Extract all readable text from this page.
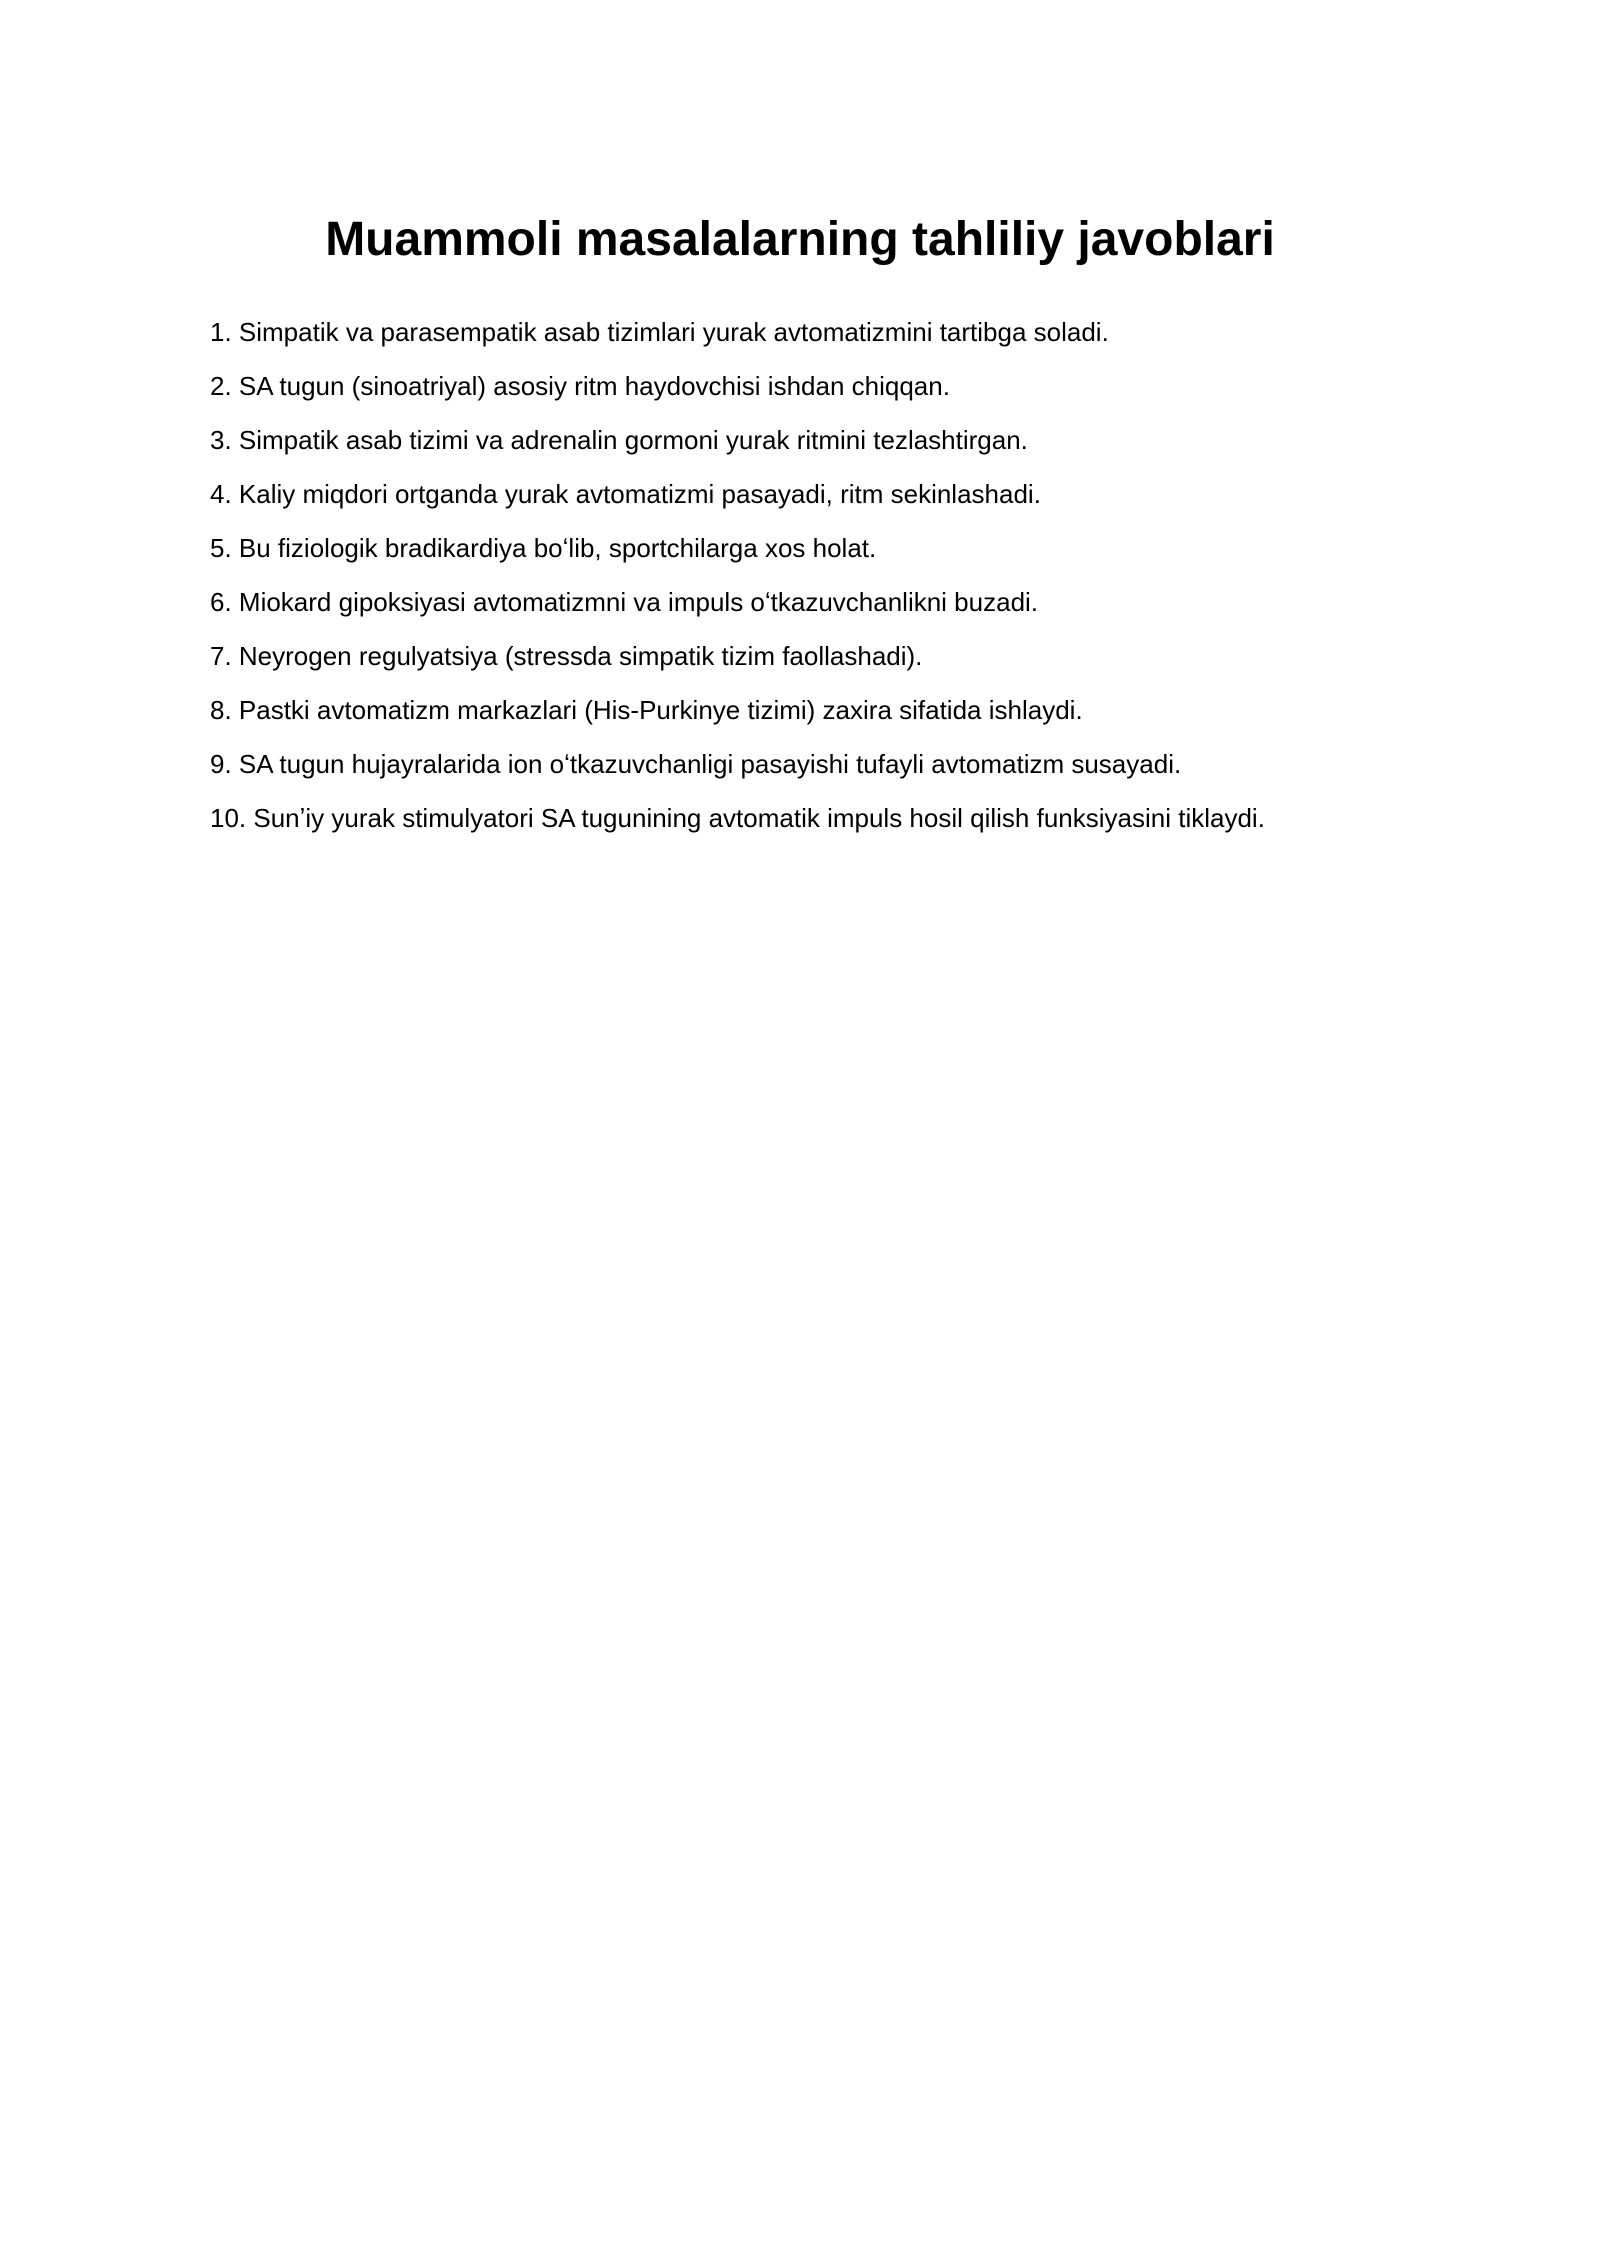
Muammoli masalalarning tahliliy javoblari
1. Simpatik va parasempatik asab tizimlari yurak avtomatizmini tartibga soladi.
2. SA tugun (sinoatriyal) asosiy ritm haydovchisi ishdan chiqqan.
3. Simpatik asab tizimi va adrenalin gormoni yurak ritmini tezlashtirgan.
4. Kaliy miqdori ortganda yurak avtomatizmi pasayadi, ritm sekinlashadi.
5. Bu fiziologik bradikardiya boʻlib, sportchilarga xos holat.
6. Miokard gipoksiyasi avtomatizmni va impuls oʻtkazuvchanlikni buzadi.
7. Neyrogen regulyatsiya (stressda simpatik tizim faollashadi).
8. Pastki avtomatizm markazlari (His-Purkinye tizimi) zaxira sifatida ishlaydi.
9. SA tugun hujayralarida ion oʻtkazuvchanligi pasayishi tufayli avtomatizm susayadi.
10. Sunʼiy yurak stimulyatori SA tugunining avtomatik impuls hosil qilish funksiyasini tiklaydi.
